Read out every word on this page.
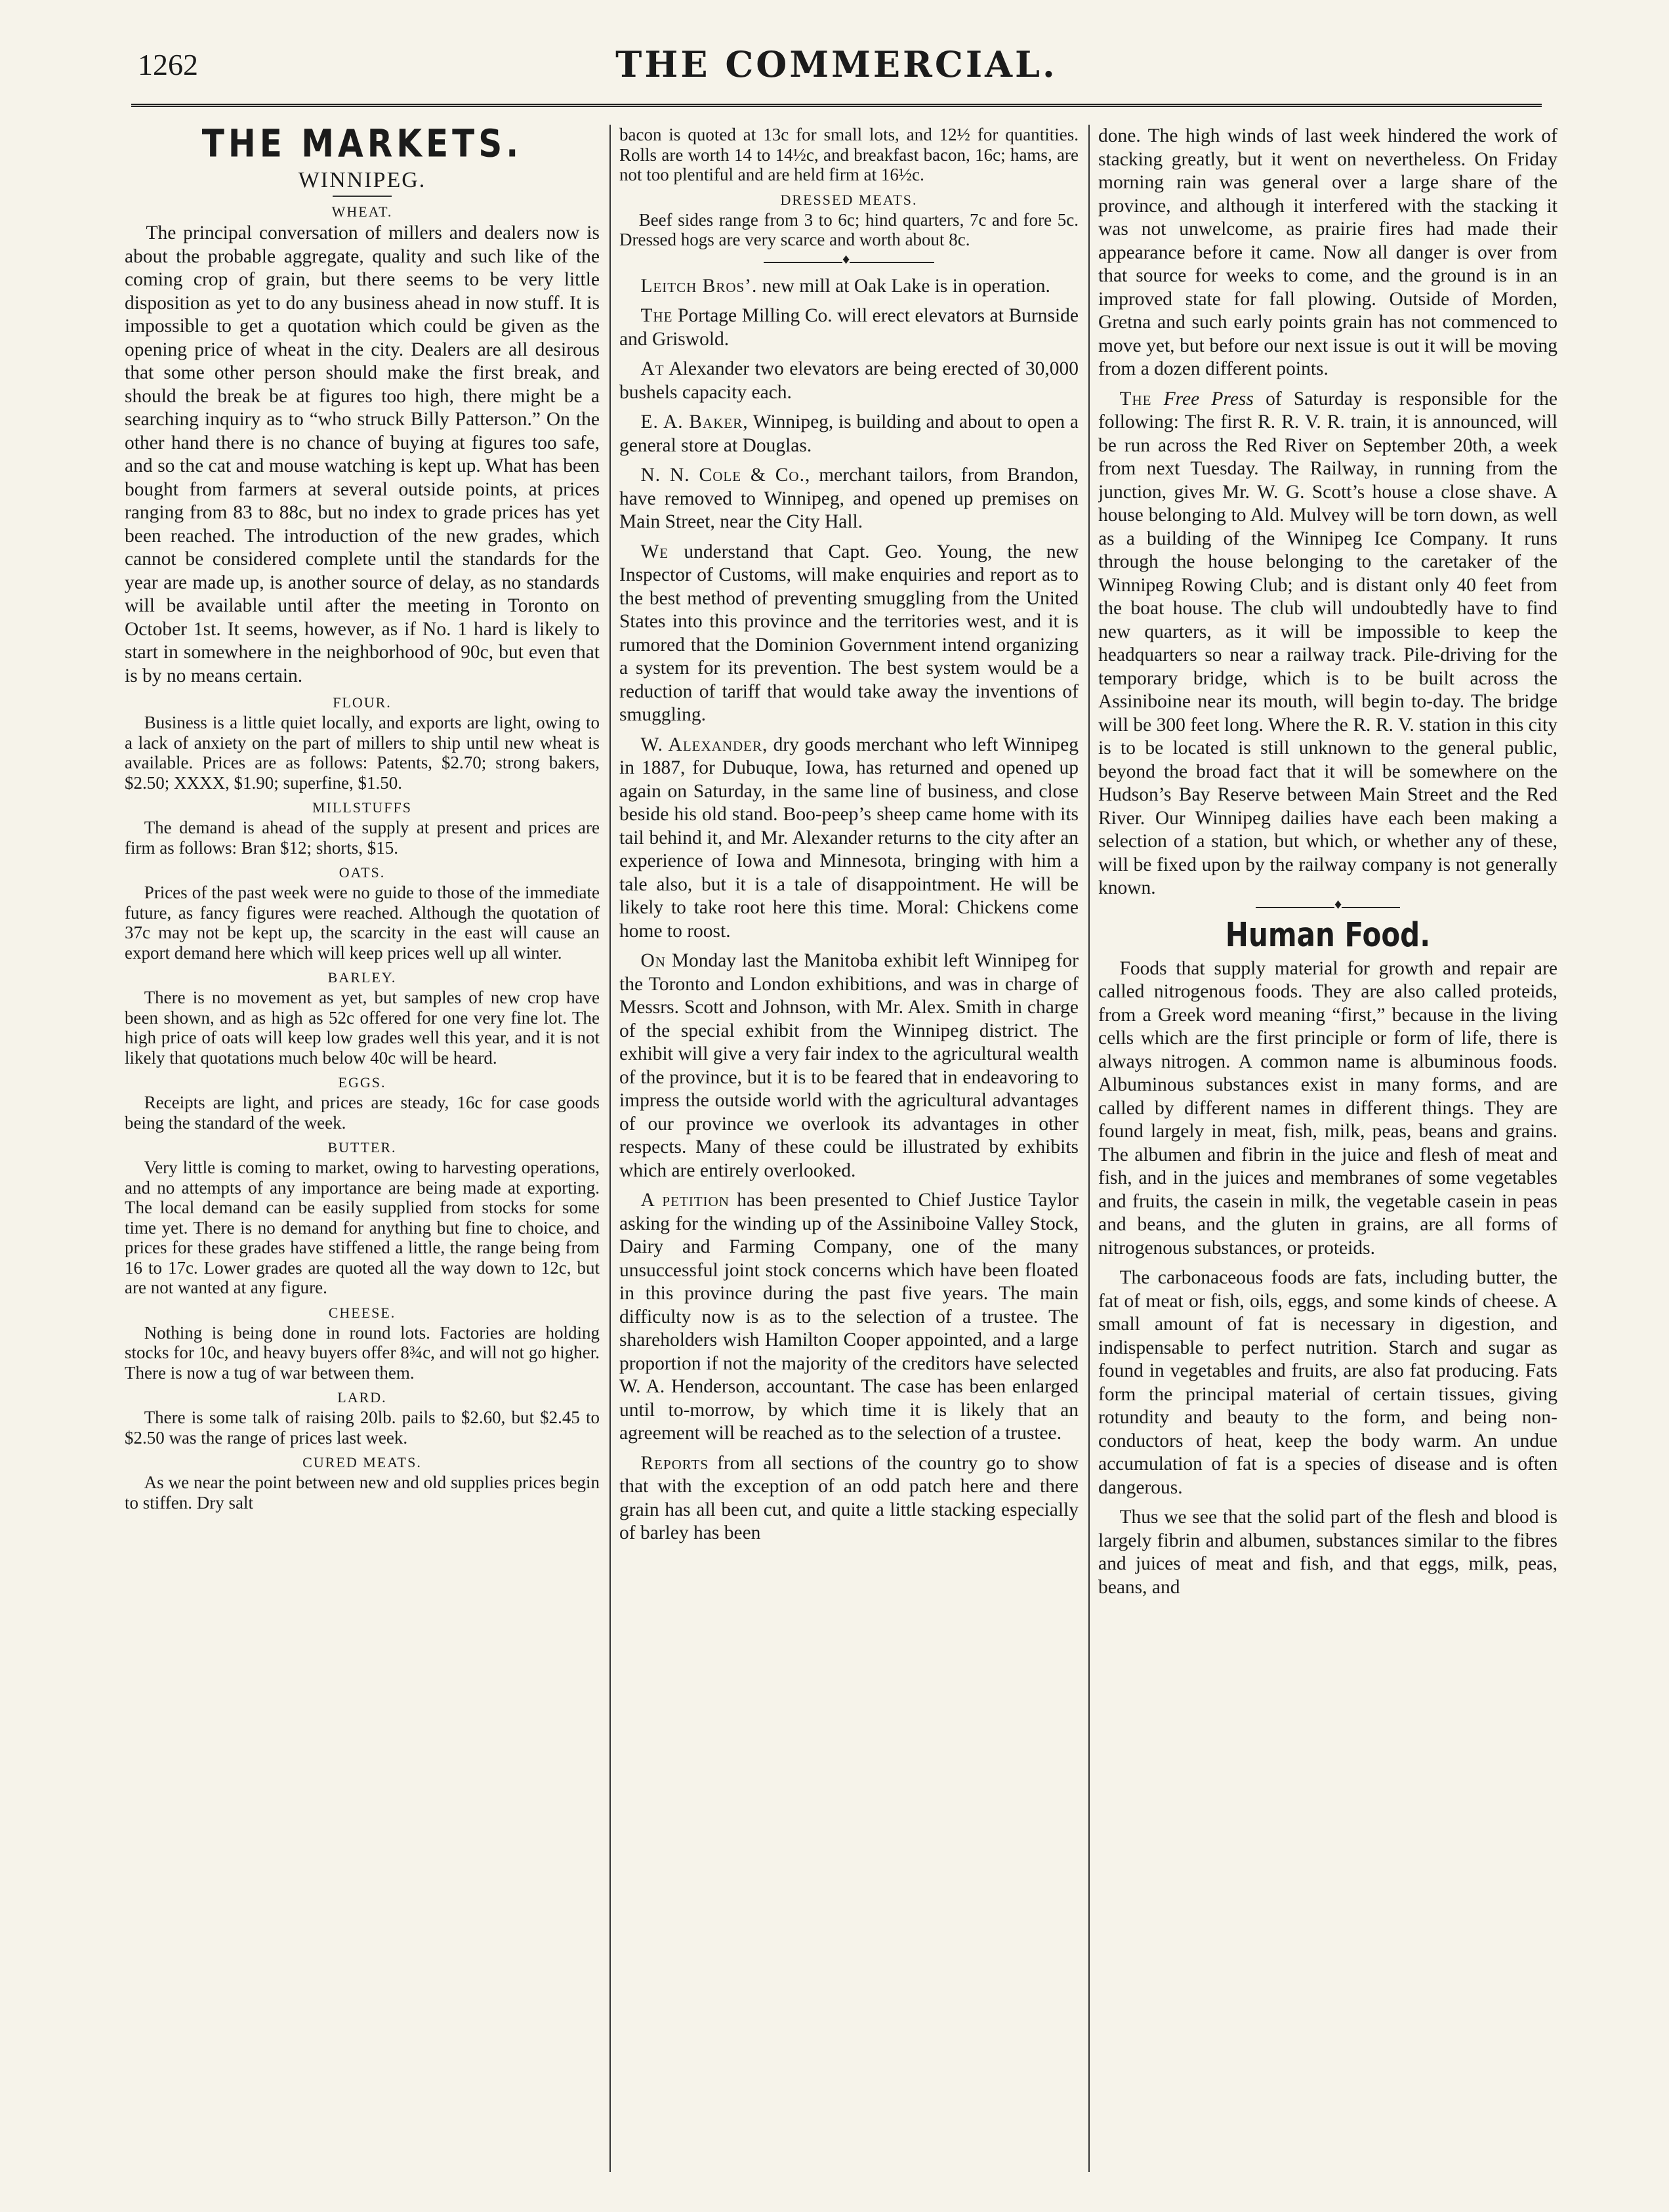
1262	THE COMMERCIAL.
THE MARKETS.
WINNIPEG.
WHEAT.

The principal conversation of millers and dealers now is about the probable aggregate, quality and such like of the coming crop of grain, but there seems to be very little disposition as yet to do any business ahead in now stuff. It is impossible to get a quotation which could be given as the opening price of wheat in the city. Dealers are all desirous that some other person should make the first break, and should the break be at figures too high, there might be a searching inquiry as to “who struck Billy Patterson.” On the other hand there is no chance of buying at figures too safe, and so the cat and mouse watching is kept up. What has been bought from farmers at several outside points, at prices ranging from 83 to 88c, but no index to grade prices has yet been reached. The introduction of the new grades, which cannot be considered complete until the standards for the year are made up, is another source of delay, as no standards will be available until after the meeting in Toronto on October 1st. It seems, however, as if No. 1 hard is likely to start in somewhere in the neighborhood of 90c, but even that is by no means certain.

FLOUR.

Business is a little quiet locally, and exports are light, owing to a lack of anxiety on the part of millers to ship until new wheat is available. Prices are as follows: Patents, $2.70; strong bakers, $2.50; XXXX, $1.90; superfine, $1.50.

MILLSTUFFS

The demand is ahead of the supply at present and prices are firm as follows: Bran $12; shorts, $15.

OATS.

Prices of the past week were no guide to those of the immediate future, as fancy figures were reached. Although the quotation of 37c may not be kept up, the scarcity in the east will cause an export demand here which will keep prices well up all winter.

BARLEY.

There is no movement as yet, but samples of new crop have been shown, and as high as 52c offered for one very fine lot. The high price of oats will keep low grades well this year, and it is not likely that quotations much below 40c will be heard.

EGGS.

Receipts are light, and prices are steady, 16c for case goods being the standard of the week.

BUTTER.

Very little is coming to market, owing to harvesting operations, and no attempts of any importance are being made at exporting. The local demand can be easily supplied from stocks for some time yet. There is no demand for anything but fine to choice, and prices for these grades have stiffened a little, the range being from 16 to 17c. Lower grades are quoted all the way down to 12c, but are not wanted at any figure.

CHEESE.

Nothing is being done in round lots. Factories are holding stocks for 10c, and heavy buyers offer 8¾c, and will not go higher. There is now a tug of war between them.

LARD.

There is some talk of raising 20lb. pails to $2.60, but $2.45 to $2.50 was the range of prices last week.

CURED MEATS.

As we near the point between new and old supplies prices begin to stiffen. Dry salt

bacon is quoted at 13c for small lots, and 12½ for quantities. Rolls are worth 14 to 14½c, and breakfast bacon, 16c; hams, are not too plentiful and are held firm at 16½c.

DRESSED MEATS.

Beef sides range from 3 to 6c; hind quarters, 7c and fore 5c. Dressed hogs are very scarce and worth about 8c.

♦

Leitch Bros’. new mill at Oak Lake is in operation.

The Portage Milling Co. will erect elevators at Burnside and Griswold.

At Alexander two elevators are being erected of 30,000 bushels capacity each.

E. A. Baker, Winnipeg, is building and about to open a general store at Douglas.

N. N. Cole & Co., merchant tailors, from Brandon, have removed to Winnipeg, and opened up premises on Main Street, near the City Hall.

We understand that Capt. Geo. Young, the new Inspector of Customs, will make enquiries and report as to the best method of preventing smuggling from the United States into this province and the territories west, and it is rumored that the Dominion Government intend organizing a system for its prevention. The best system would be a reduction of tariff that would take away the inventions of smuggling.

W. Alexander, dry goods merchant who left Winnipeg in 1887, for Dubuque, Iowa, has returned and opened up again on Saturday, in the same line of business, and close beside his old stand. Boo-peep’s sheep came home with its tail behind it, and Mr. Alexander returns to the city after an experience of Iowa and Minnesota, bringing with him a tale also, but it is a tale of disappointment. He will be likely to take root here this time. Moral: Chickens come home to roost.

On Monday last the Manitoba exhibit left Winnipeg for the Toronto and London exhibitions, and was in charge of Messrs. Scott and Johnson, with Mr. Alex. Smith in charge of the special exhibit from the Winnipeg district. The exhibit will give a very fair index to the agricultural wealth of the province, but it is to be feared that in endeavoring to impress the outside world with the agricultural advantages of our province we overlook its advantages in other respects. Many of these could be illustrated by exhibits which are entirely overlooked.

A petition has been presented to Chief Justice Taylor asking for the winding up of the Assiniboine Valley Stock, Dairy and Farming Company, one of the many unsuccessful joint stock concerns which have been floated in this province during the past five years. The main difficulty now is as to the selection of a trustee. The shareholders wish Hamilton Cooper appointed, and a large proportion if not the majority of the creditors have selected W. A. Henderson, accountant. The case has been enlarged until to-morrow, by which time it is likely that an agreement will be reached as to the selection of a trustee.

Reports from all sections of the country go to show that with the exception of an odd patch here and there grain has all been cut, and quite a little stacking especially of barley has been

done. The high winds of last week hindered the work of stacking greatly, but it went on nevertheless. On Friday morning rain was general over a large share of the province, and although it interfered with the stacking it was not unwelcome, as prairie fires had made their appearance before it came. Now all danger is over from that source for weeks to come, and the ground is in an improved state for fall plowing. Outside of Morden, Gretna and such early points grain has not commenced to move yet, but before our next issue is out it will be moving from a dozen different points.

The Free Press of Saturday is responsible for the following: The first R. R. V. R. train, it is announced, will be run across the Red River on September 20th, a week from next Tuesday. The Railway, in running from the junction, gives Mr. W. G. Scott’s house a close shave. A house belonging to Ald. Mulvey will be torn down, as well as a building of the Winnipeg Ice Company. It runs through the house belonging to the caretaker of the Winnipeg Rowing Club; and is distant only 40 feet from the boat house. The club will undoubtedly have to find new quarters, as it will be impossible to keep the headquarters so near a railway track. Pile-driving for the temporary bridge, which is to be built across the Assiniboine near its mouth, will begin to-day. The bridge will be 300 feet long. Where the R. R. V. station in this city is to be located is still unknown to the general public, beyond the broad fact that it will be somewhere on the Hudson’s Bay Reserve between Main Street and the Red River. Our Winnipeg dailies have each been making a selection of a station, but which, or whether any of these, will be fixed upon by the railway company is not generally known.

♦
Human Food.

Foods that supply material for growth and repair are called nitrogenous foods. They are also called proteids, from a Greek word meaning “first,” because in the living cells which are the first principle or form of life, there is always nitrogen. A common name is albuminous foods. Albuminous substances exist in many forms, and are called by different names in different things. They are found largely in meat, fish, milk, peas, beans and grains. The albumen and fibrin in the juice and flesh of meat and fish, and in the juices and membranes of some vegetables and fruits, the casein in milk, the vegetable casein in peas and beans, and the gluten in grains, are all forms of nitrogenous substances, or proteids.

The carbonaceous foods are fats, including butter, the fat of meat or fish, oils, eggs, and some kinds of cheese. A small amount of fat is necessary in digestion, and indispensable to perfect nutrition. Starch and sugar as found in vegetables and fruits, are also fat producing. Fats form the principal material of certain tissues, giving rotundity and beauty to the form, and being non-conductors of heat, keep the body warm. An undue accumulation of fat is a species of disease and is often dangerous.

Thus we see that the solid part of the flesh and blood is largely fibrin and albumen, substances similar to the fibres and juices of meat and fish, and that eggs, milk, peas, beans, and
